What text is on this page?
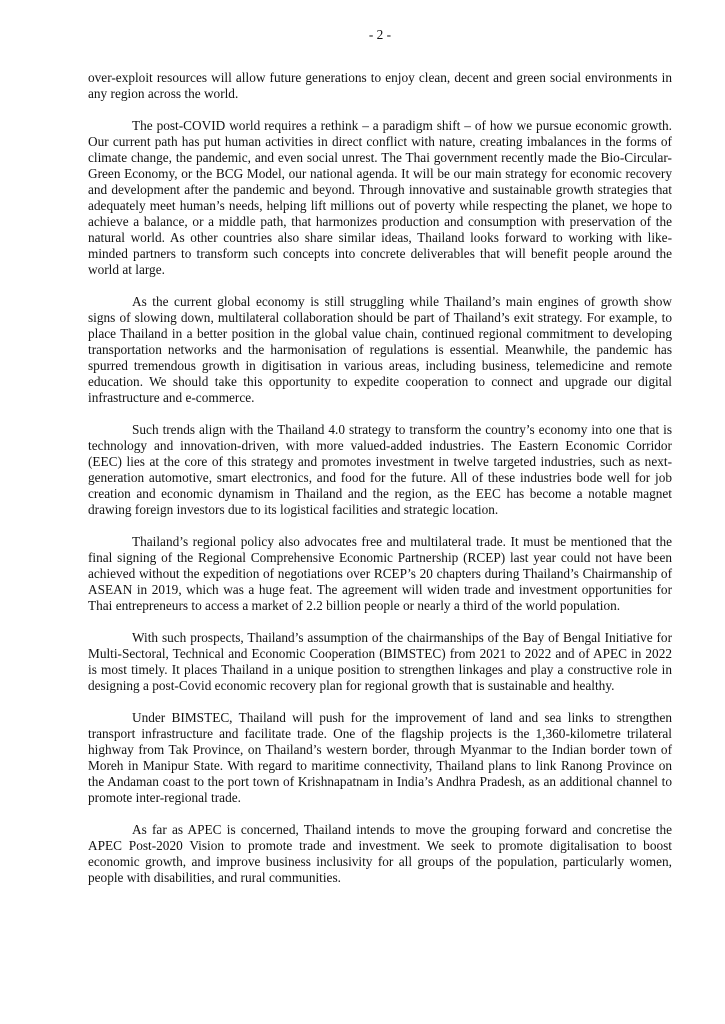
- 2 -

over-exploit resources will allow future generations to enjoy clean, decent and green social environments in any region across the world.

The post-COVID world requires a rethink – a paradigm shift – of how we pursue economic growth. Our current path has put human activities in direct conflict with nature, creating imbalances in the forms of climate change, the pandemic, and even social unrest. The Thai government recently made the Bio-Circular-Green Economy, or the BCG Model, our national agenda. It will be our main strategy for economic recovery and development after the pandemic and beyond. Through innovative and sustainable growth strategies that adequately meet human’s needs, helping lift millions out of poverty while respecting the planet, we hope to achieve a balance, or a middle path, that harmonizes production and consumption with preservation of the natural world. As other countries also share similar ideas, Thailand looks forward to working with like-minded partners to transform such concepts into concrete deliverables that will benefit people around the world at large.

As the current global economy is still struggling while Thailand’s main engines of growth show signs of slowing down, multilateral collaboration should be part of Thailand’s exit strategy. For example, to place Thailand in a better position in the global value chain, continued regional commitment to developing transportation networks and the harmonisation of regulations is essential. Meanwhile, the pandemic has spurred tremendous growth in digitisation in various areas, including business, telemedicine and remote education. We should take this opportunity to expedite cooperation to connect and upgrade our digital infrastructure and e-commerce.

Such trends align with the Thailand 4.0 strategy to transform the country’s economy into one that is technology and innovation-driven, with more valued-added industries. The Eastern Economic Corridor (EEC) lies at the core of this strategy and promotes investment in twelve targeted industries, such as next-generation automotive, smart electronics, and food for the future. All of these industries bode well for job creation and economic dynamism in Thailand and the region, as the EEC has become a notable magnet drawing foreign investors due to its logistical facilities and strategic location.

Thailand’s regional policy also advocates free and multilateral trade. It must be mentioned that the final signing of the Regional Comprehensive Economic Partnership (RCEP) last year could not have been achieved without the expedition of negotiations over RCEP’s 20 chapters during Thailand’s Chairmanship of ASEAN in 2019, which was a huge feat. The agreement will widen trade and investment opportunities for Thai entrepreneurs to access a market of 2.2 billion people or nearly a third of the world population.

With such prospects, Thailand’s assumption of the chairmanships of the Bay of Bengal Initiative for Multi-Sectoral, Technical and Economic Cooperation (BIMSTEC) from 2021 to 2022 and of APEC in 2022 is most timely. It places Thailand in a unique position to strengthen linkages and play a constructive role in designing a post-Covid economic recovery plan for regional growth that is sustainable and healthy.

Under BIMSTEC, Thailand will push for the improvement of land and sea links to strengthen transport infrastructure and facilitate trade. One of the flagship projects is the 1,360-kilometre trilateral highway from Tak Province, on Thailand’s western border, through Myanmar to the Indian border town of Moreh in Manipur State. With regard to maritime connectivity, Thailand plans to link Ranong Province on the Andaman coast to the port town of Krishnapatnam in India’s Andhra Pradesh, as an additional channel to promote inter-regional trade.

As far as APEC is concerned, Thailand intends to move the grouping forward and concretise the APEC Post-2020 Vision to promote trade and investment. We seek to promote digitalisation to boost economic growth, and improve business inclusivity for all groups of the population, particularly women, people with disabilities, and rural communities.
